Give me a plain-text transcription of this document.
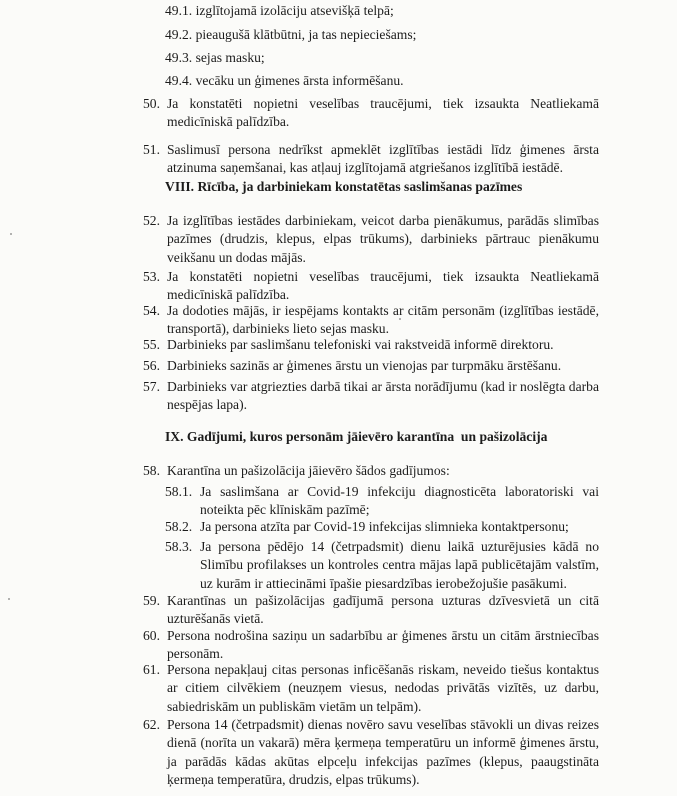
49.1. izglītojamā izolāciju atsevišķā telpā;
49.2. pieaugušā klātbūtni, ja tas nepieciešams;
49.3. sejas masku;
49.4. vecāku un ģimenes ārsta informēšanu.
50. Ja konstatēti nopietni veselības traucējumi, tiek izsaukta Neatliekamā medicīniskā palīdzība.
51. Saslimusī persona nedrīkst apmeklēt izglītības iestādi līdz ģimenes ārsta atzinuma saņemšanai, kas atļauj izglītojamā atgriešanos izglītībā iestādē.
VIII. Rīcība, ja darbiniekam konstatētas saslimšanas pazīmes
52. Ja izglītības iestādes darbiniekam, veicot darba pienākumus, parādās slimības pazīmes (drudzis, klepus, elpas trūkums), darbinieks pārtrauc pienākumu veikšanu un dodas mājās.
53. Ja konstatēti nopietni veselības traucējumi, tiek izsaukta Neatliekamā medicīniskā palīdzība.
54. Ja dodoties mājās, ir iespējams kontakts ar citām personām (izglītības iestādē, transportā), darbinieks lieto sejas masku.
55. Darbinieks par saslimšanu telefoniski vai rakstveidā informē direktoru.
56. Darbinieks sazinās ar ģimenes ārstu un vienojas par turpmāku ārstēšanu.
57. Darbinieks var atgriezties darbā tikai ar ārsta norādījumu (kad ir noslēgta darba nespējas lapa).
IX. Gadījumi, kuros personām jāievēro karantīna  un pašizolācija
58. Karantīna un pašizolācija jāievēro šādos gadījumos:
58.1. Ja saslimšana ar Covid-19 infekciju diagnosticēta laboratoriski vai noteikta pēc klīniskām pazīmē;
58.2. Ja persona atzīta par Covid-19 infekcijas slimnieka kontaktpersonu;
58.3. Ja persona pēdējo 14 (četrpadsmit) dienu laikā uzturējusies kādā no Slimību profilakses un kontroles centra mājas lapā publicētajām valstīm, uz kurām ir attiecināmi īpašie piesardzības ierobežojušie pasākumi.
59. Karantīnas un pašizolācijas gadījumā persona uzturas dzīvesvietā un citā uzturēšanās vietā.
60. Persona nodrošina saziņu un sadarbību ar ģimenes ārstu un citām ārstniecības personām.
61. Persona nepakļauj citas personas inficēšanās riskam, neveido tiešus kontaktus ar citiem cilvēkiem (neuzņem viesus, nedodas privātās vizītēs, uz darbu, sabiedriskām un publiskām vietām un telpām).
62. Persona 14 (četrpadsmit) dienas novēro savu veselības stāvokli un divas reizes dienā (norīta un vakarā) mēra ķermeņa temperatūru un informē ģimenes ārstu, ja parādās kādas akūtas elpceļu infekcijas pazīmes (klepus, paaugstināta ķermeņa temperatūra, drudzis, elpas trūkums).
